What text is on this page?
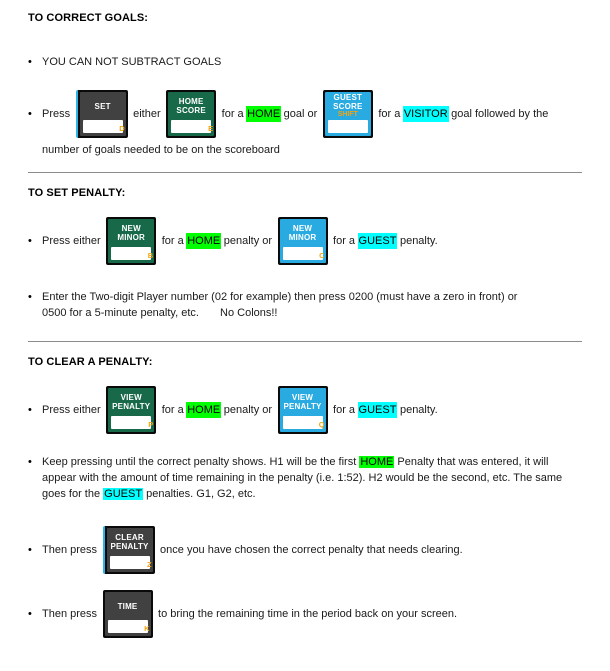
TO CORRECT GOALS:
• YOU CAN NOT SUBTRACT GOALS
• Press
SET
D
either
HOME
SCORE
E
for a HOME goal or
GUEST
SCORE
SHIFT for a VISITOR goal followed by the
number of goals needed to be on the scoreboard
TO SET PENALTY:
• Press either
NEW
MINOR
B
for a HOME penalty or
NEW
MINOR
C
for a GUEST penalty.
• Enter the Two-digit Player number (02 for example) then press 0200 (must have a zero in front) or
0500 for a 5-minute penalty, etc. No Colons!!
TO CLEAR A PENALTY:
• Press either
VIEW
PENALTY
P
for a HOME penalty or
VIEW
PENALTY
Q
for a GUEST penalty.
• Keep pressing until the correct penalty shows. H1 will be the first HOME Penalty that was entered, it will appear with the amount of time remaining in the penalty (i.e. 1:52). H2 would be the second, etc. The same goes for the GUEST penalties. G1, G2, etc.
• Then press
CLEAR
PENALTY
Z
once you have chosen the correct penalty that needs clearing.
• Then press
TIME
K
to bring the remaining time in the period back on your screen.
